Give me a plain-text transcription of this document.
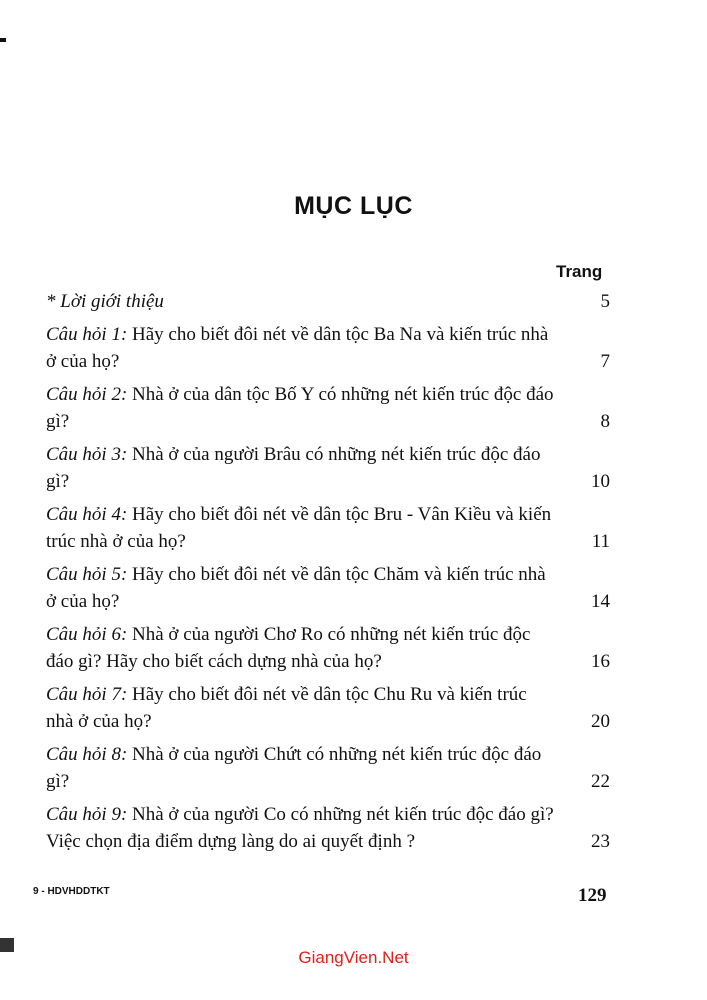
MỤC LỤC
Trang
* Lời giới thiệu	5
Câu hỏi 1: Hãy cho biết đôi nét về dân tộc Ba Na và kiến trúc nhà ở của họ?	7
Câu hỏi 2: Nhà ở của dân tộc Bố Y có những nét kiến trúc độc đáo gì?	8
Câu hỏi 3: Nhà ở của người Brâu có những nét kiến trúc độc đáo gì?	10
Câu hỏi 4: Hãy cho biết đôi nét về dân tộc Bru - Vân Kiều và kiến trúc nhà ở của họ?	11
Câu hỏi 5: Hãy cho biết đôi nét về dân tộc Chăm và kiến trúc nhà ở của họ?	14
Câu hỏi 6: Nhà ở của người Chơ Ro có những nét kiến trúc độc đáo gì? Hãy cho biết cách dựng nhà của họ?	16
Câu hỏi 7: Hãy cho biết đôi nét về dân tộc Chu Ru và kiến trúc nhà ở của họ?	20
Câu hỏi 8: Nhà ở của người Chứt có những nét kiến trúc độc đáo gì?	22
Câu hỏi 9: Nhà ở của người Co có những nét kiến trúc độc đáo gì? Việc chọn địa điểm dựng làng do ai quyết định ?	23
9 - HDVHDDTKT	129
GiangVien.Net
